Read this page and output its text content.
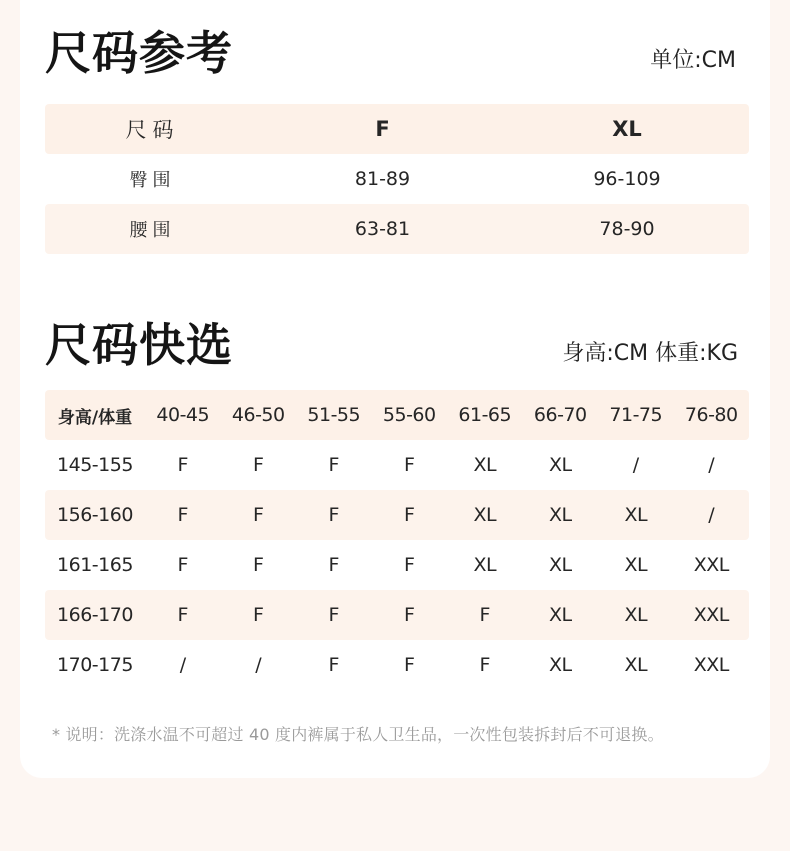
尺码参考	单位:CM
尺码	F	XL
臀围	81-89	96-109
腰围	63-81	78-90
尺码快选	身高:CM 体重:KG
身高/体重	40-45	46-50	51-55	55-60	61-65	66-70	71-75	76-80
145-155	F	F	F	F	XL	XL	/	/
156-160	F	F	F	F	XL	XL	XL	/
161-165	F	F	F	F	XL	XL	XL	XXL
166-170	F	F	F	F	F	XL	XL	XXL
170-175	/	/	F	F	F	XL	XL	XXL
* 说明：洗涤水温不可超过 40 度内裤属于私人卫生品，一次性包装拆封后不可退换。
